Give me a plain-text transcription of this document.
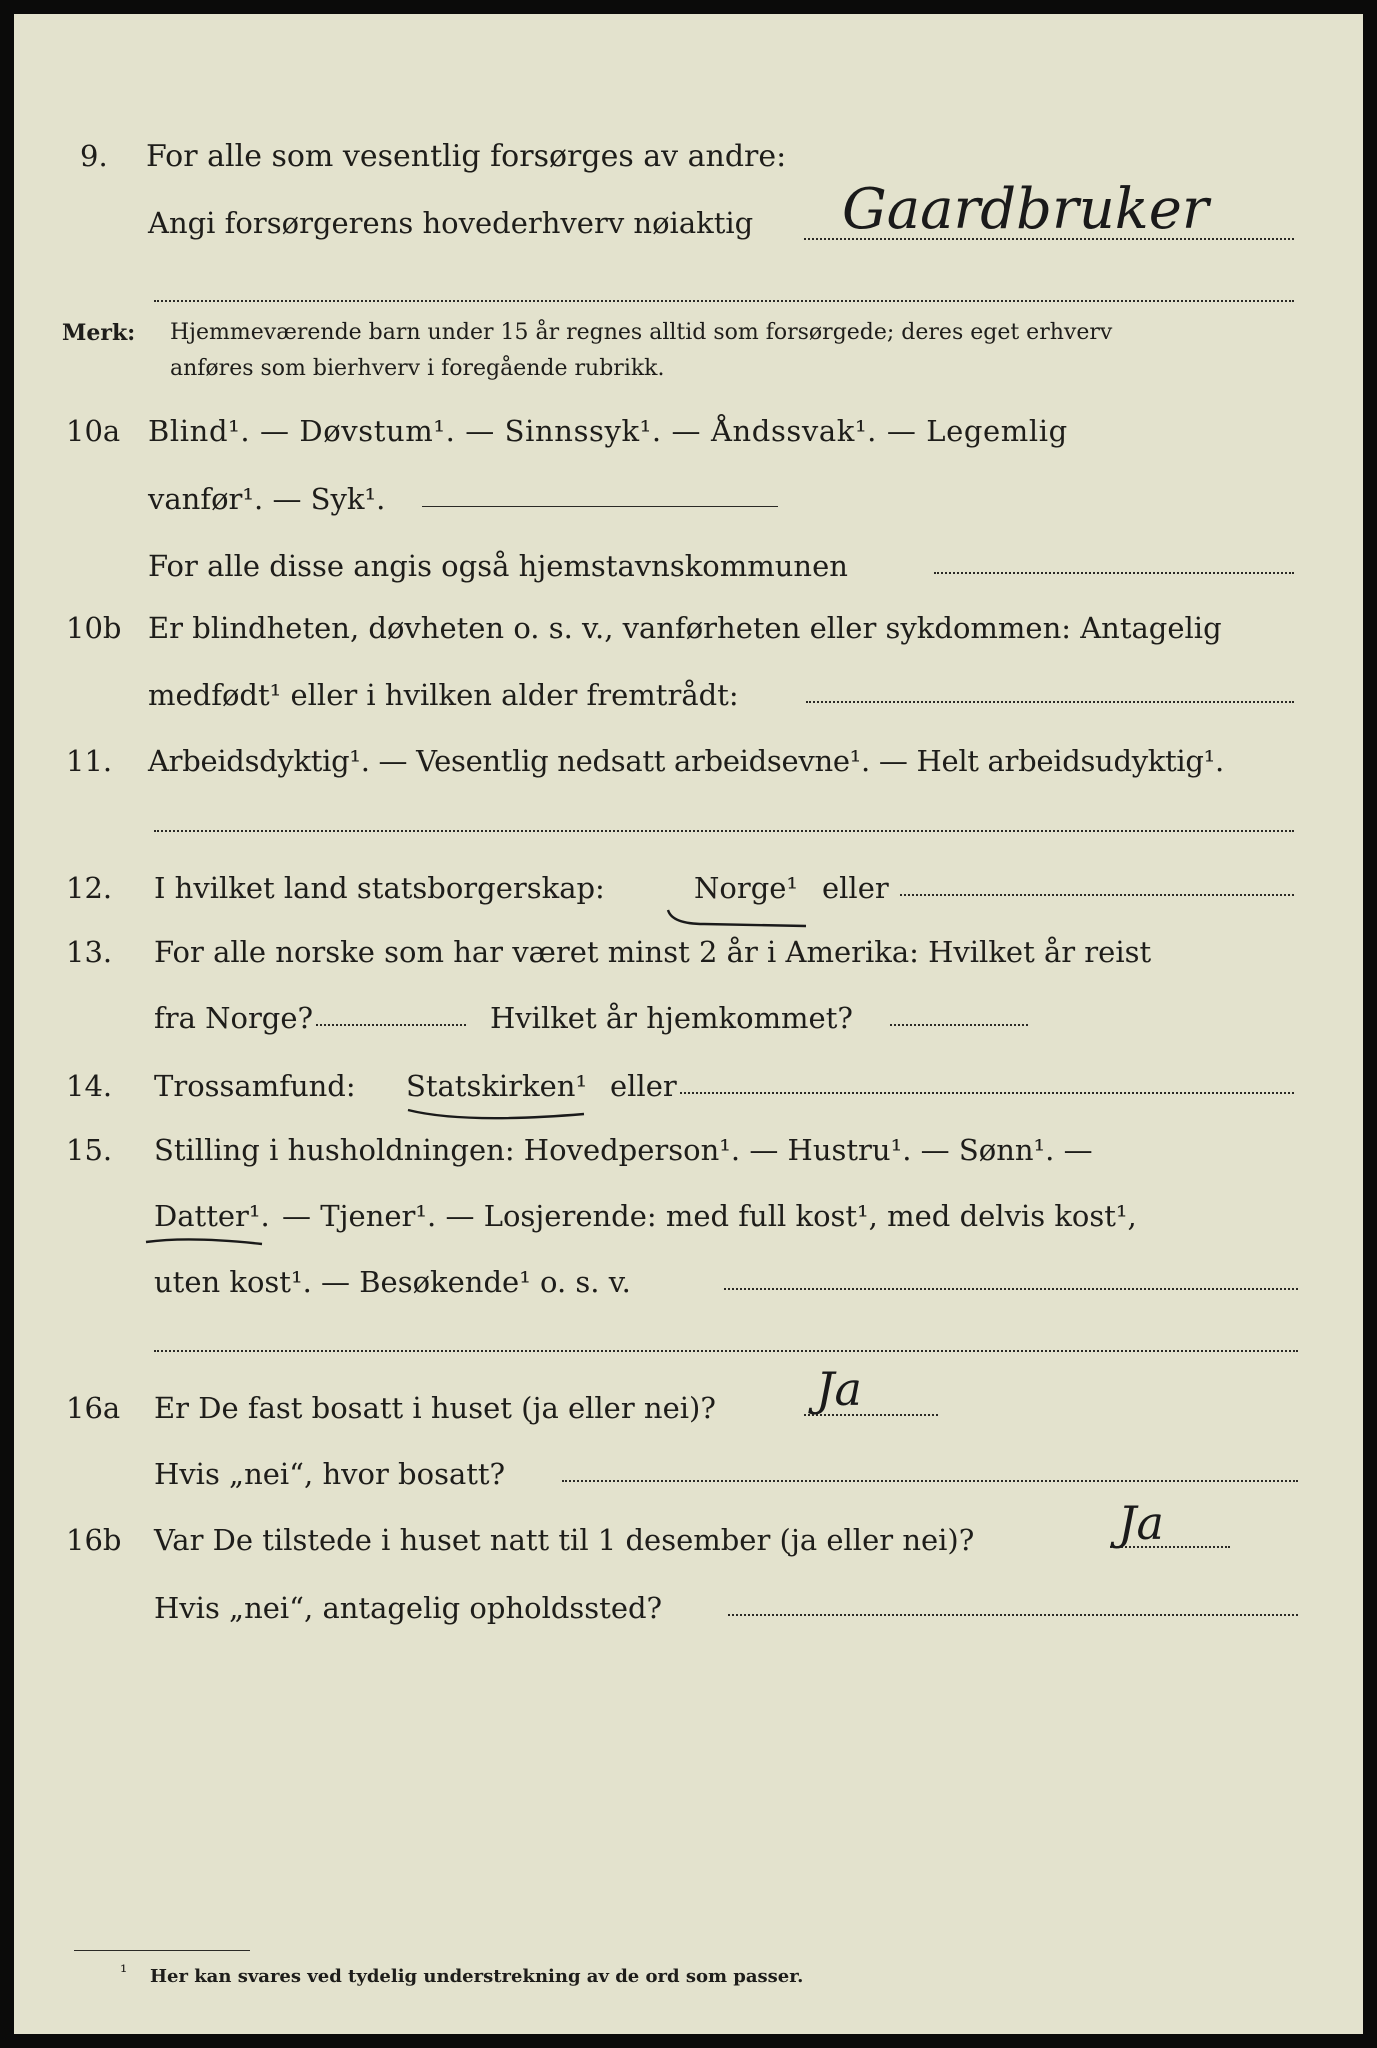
9. For alle som vesentlig forsørges av andre:
Angi forsørgerens hovederhverv nøiaktig Gaardbruker
Merk: Hjemmeværende barn under 15 år regnes alltid som forsørgede; deres eget erhverv
anføres som bierhverv i foregående rubrikk.
10a Blind¹. — Døvstum¹. — Sinnssyk¹. — Åndssvak¹. — Legemlig
vanfør¹. — Syk¹.
For alle disse angis også hjemstavnskommunen
10b Er blindheten, døvheten o. s. v., vanførheten eller sykdommen: Antagelig
medfødt¹ eller i hvilken alder fremtrådt:
11. Arbeidsdyktig¹. — Vesentlig nedsatt arbeidsevne¹. — Helt arbeidsudyktig¹.
12. I hvilket land statsborgerskap:	Norge¹ eller
13. For alle norske som har været minst 2 år i Amerika: Hvilket år reist
fra Norge?	Hvilket år hjemkommet?
14. Trossamfund: Statskirken¹ eller
15. Stilling i husholdningen: Hovedperson¹. — Hustru¹. — Sønn¹. —
Datter¹. — Tjener¹. — Losjerende: med full kost¹, med delvis kost¹,
uten kost¹. — Besøkende¹ o. s. v.
16a Er De fast bosatt i huset (ja eller nei)? Ja
Hvis „nei“, hvor bosatt?
16b Var De tilstede i huset natt til 1 desember (ja eller nei)?	Ja
Hvis „nei“, antagelig opholdssted?
¹ Her kan svares ved tydelig understrekning av de ord som passer.
